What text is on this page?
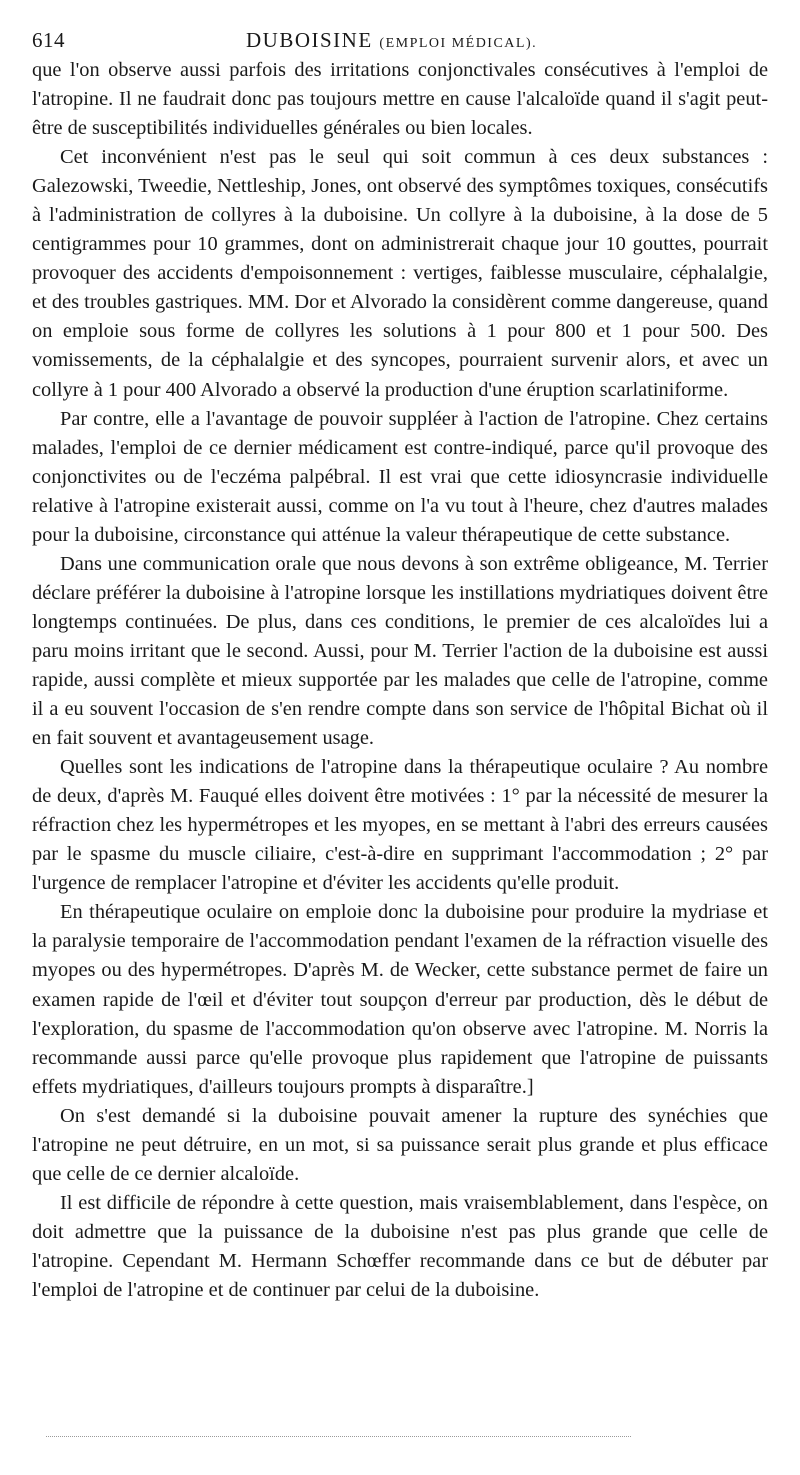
614	DUBOISINE (EMPLOI MÉDICAL).

que l'on observe aussi parfois des irritations conjonctivales consécutives à l'emploi de l'atropine. Il ne faudrait donc pas toujours mettre en cause l'alcaloïde quand il s'agit peut-être de susceptibilités individuelles générales ou bien locales.

Cet inconvénient n'est pas le seul qui soit commun à ces deux substances : Galezowski, Tweedie, Nettleship, Jones, ont observé des symptômes toxiques, consécutifs à l'administration de collyres à la duboisine. Un collyre à la duboisine, à la dose de 5 centigrammes pour 10 grammes, dont on administrerait chaque jour 10 gouttes, pourrait provoquer des accidents d'empoisonnement : vertiges, faiblesse musculaire, céphalalgie, et des troubles gastriques. MM. Dor et Alvorado la considèrent comme dangereuse, quand on emploie sous forme de collyres les solutions à 1 pour 800 et 1 pour 500. Des vomissements, de la céphalalgie et des syncopes, pourraient survenir alors, et avec un collyre à 1 pour 400 Alvorado a observé la production d'une éruption scarlatiniforme.

Par contre, elle a l'avantage de pouvoir suppléer à l'action de l'atropine. Chez certains malades, l'emploi de ce dernier médicament est contre-indiqué, parce qu'il provoque des conjonctivites ou de l'eczéma palpébral. Il est vrai que cette idiosyncrasie individuelle relative à l'atropine existerait aussi, comme on l'a vu tout à l'heure, chez d'autres malades pour la duboisine, circonstance qui atténue la valeur thérapeutique de cette substance.

Dans une communication orale que nous devons à son extrême obligeance, M. Terrier déclare préférer la duboisine à l'atropine lorsque les instillations mydriatiques doivent être longtemps continuées. De plus, dans ces conditions, le premier de ces alcaloïdes lui a paru moins irritant que le second. Aussi, pour M. Terrier l'action de la duboisine est aussi rapide, aussi complète et mieux supportée par les malades que celle de l'atropine, comme il a eu souvent l'occasion de s'en rendre compte dans son service de l'hôpital Bichat où il en fait souvent et avantageusement usage.

Quelles sont les indications de l'atropine dans la thérapeutique oculaire ? Au nombre de deux, d'après M. Fauqué elles doivent être motivées : 1° par la nécessité de mesurer la réfraction chez les hypermétropes et les myopes, en se mettant à l'abri des erreurs causées par le spasme du muscle ciliaire, c'est-à-dire en supprimant l'accommodation ; 2° par l'urgence de remplacer l'atropine et d'éviter les accidents qu'elle produit.

En thérapeutique oculaire on emploie donc la duboisine pour produire la mydriase et la paralysie temporaire de l'accommodation pendant l'examen de la réfraction visuelle des myopes ou des hypermétropes. D'après M. de Wecker, cette substance permet de faire un examen rapide de l'œil et d'éviter tout soupçon d'erreur par production, dès le début de l'exploration, du spasme de l'accommodation qu'on observe avec l'atropine. M. Norris la recommande aussi parce qu'elle provoque plus rapidement que l'atropine de puissants effets mydriatiques, d'ailleurs toujours prompts à disparaître.]

On s'est demandé si la duboisine pouvait amener la rupture des synéchies que l'atropine ne peut détruire, en un mot, si sa puissance serait plus grande et plus efficace que celle de ce dernier alcaloïde.

Il est difficile de répondre à cette question, mais vraisemblablement, dans l'espèce, on doit admettre que la puissance de la duboisine n'est pas plus grande que celle de l'atropine. Cependant M. Hermann Schœffer recommande dans ce but de débuter par l'emploi de l'atropine et de continuer par celui de la duboisine.
